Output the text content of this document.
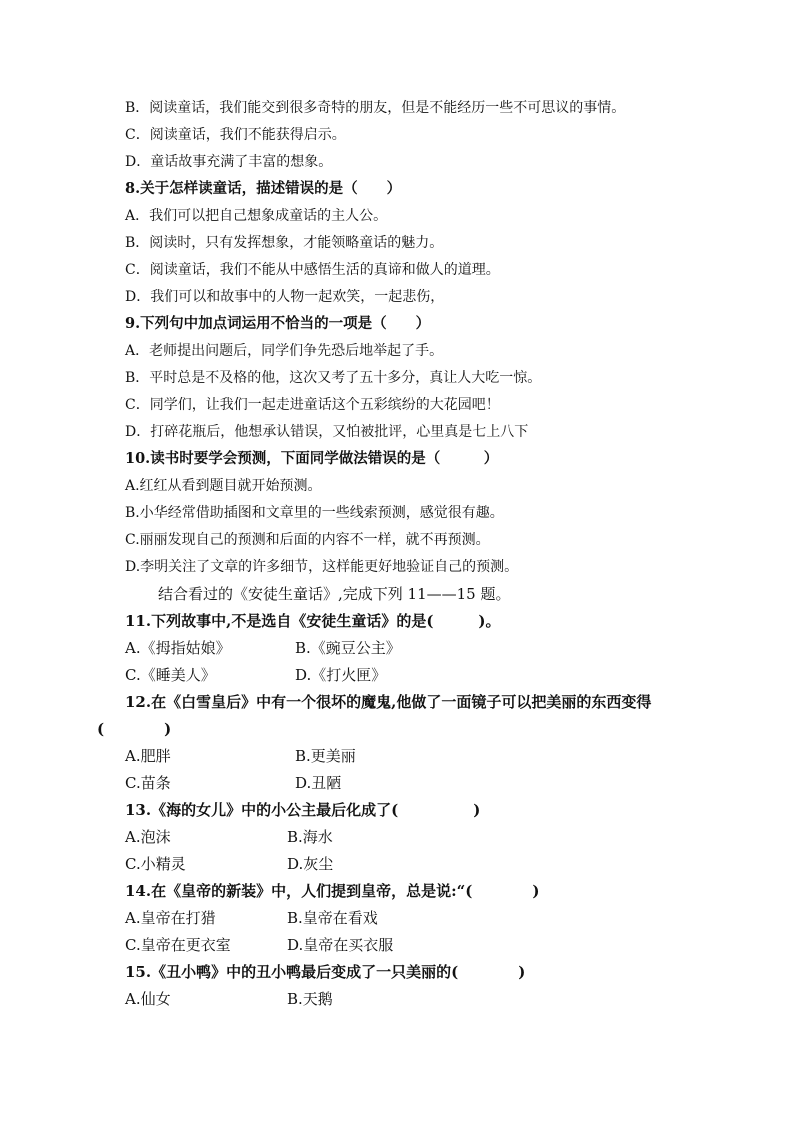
B．阅读童话，我们能交到很多奇特的朋友，但是不能经历一些不可思议的事情。
C．阅读童话，我们不能获得启示。
D．童话故事充满了丰富的想象。
8.关于怎样读童话，描述错误的是（　　）
A．我们可以把自己想象成童话的主人公。
B．阅读时，只有发挥想象，才能领略童话的魅力。
C．阅读童话，我们不能从中感悟生活的真谛和做人的道理。
D．我们可以和故事中的人物一起欢笑，一起悲伤，
9.下列句中加点词运用不恰当的一项是（　　）
A．老师提出问题后，同学们争先恐后地举起了手。
B．平时总是不及格的他，这次又考了五十多分，真让人大吃一惊。
C．同学们，让我们一起走进童话这个五彩缤纷的大花园吧！
D．打碎花瓶后，他想承认错误，又怕被批评，心里真是七上八下
10.读书时要学会预测，下面同学做法错误的是（　　　）
A.红红从看到题目就开始预测。
B.小华经常借助插图和文章里的一些线索预测，感觉很有趣。
C.丽丽发现自己的预测和后面的内容不一样，就不再预测。
D.李明关注了文章的许多细节，这样能更好地验证自己的预测。
结合看过的《安徒生童话》,完成下列 11——15 题。
11.下列故事中,不是选自《安徒生童话》的是(　　　)。
A.《拇指姑娘》	B.《豌豆公主》
C.《睡美人》	D.《打火匣》
12.在《白雪皇后》中有一个很坏的魔鬼,他做了一面镜子可以把美丽的东西变得
(　　　　)
A.肥胖	B.更美丽
C.苗条	D.丑陋
13.《海的女儿》中的小公主最后化成了(　　　　　)
A.泡沫	B.海水
C.小精灵	D.灰尘
14.在《皇帝的新装》中，人们提到皇帝，总是说:“(　　　　)
A.皇帝在打猎	B.皇帝在看戏
C.皇帝在更衣室	D.皇帝在买衣服
15.《丑小鸭》中的丑小鸭最后变成了一只美丽的(　　　　)
A.仙女	B.天鹅
